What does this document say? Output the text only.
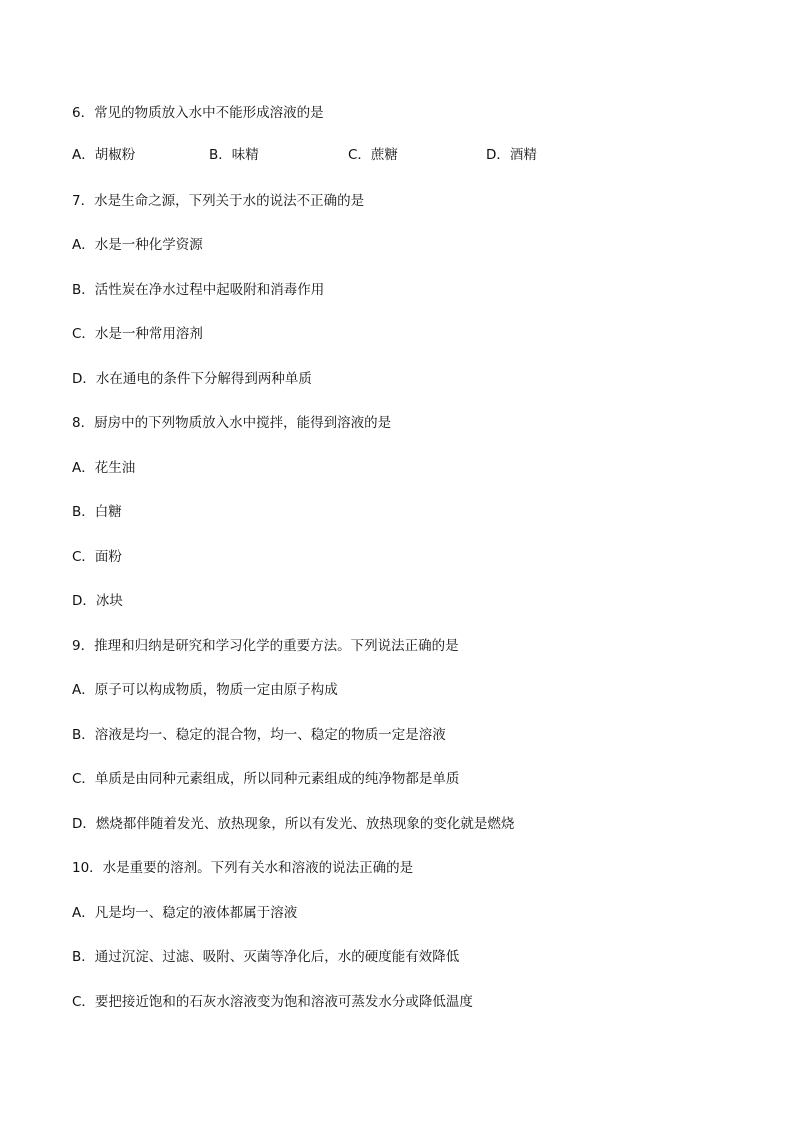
6．常见的物质放入水中不能形成溶液的是
A．胡椒粉	B．味精	C．蔗糖	D．酒精
7．水是生命之源，下列关于水的说法不正确的是
A．水是一种化学资源
B．活性炭在净水过程中起吸附和消毒作用
C．水是一种常用溶剂
D．水在通电的条件下分解得到两种单质
8．厨房中的下列物质放入水中搅拌，能得到溶液的是
A．花生油
B．白糖
C．面粉
D．冰块
9．推理和归纳是研究和学习化学的重要方法。下列说法正确的是
A．原子可以构成物质，物质一定由原子构成
B．溶液是均一、稳定的混合物，均一、稳定的物质一定是溶液
C．单质是由同种元素组成，所以同种元素组成的纯净物都是单质
D．燃烧都伴随着发光、放热现象，所以有发光、放热现象的变化就是燃烧
10．水是重要的溶剂。下列有关水和溶液的说法正确的是
A．凡是均一、稳定的液体都属于溶液
B．通过沉淀、过滤、吸附、灭菌等净化后，水的硬度能有效降低
C．要把接近饱和的石灰水溶液变为饱和溶液可蒸发水分或降低温度
